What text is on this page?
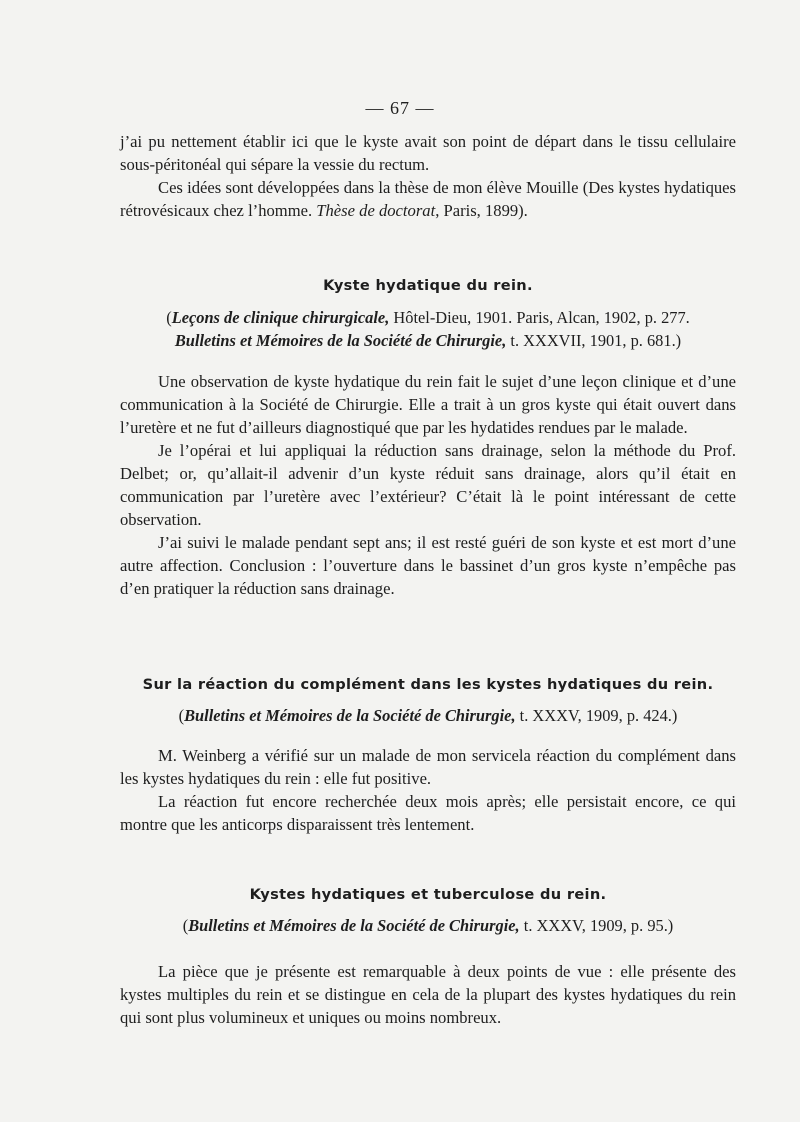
— 67 —

j’ai pu nettement établir ici que le kyste avait son point de départ dans le tissu cellulaire sous-péritonéal qui sépare la vessie du rectum.

Ces idées sont développées dans la thèse de mon élève Mouille (Des kystes hydatiques rétrovésicaux chez l’homme. Thèse de doctorat, Paris, 1899).

Kyste hydatique du rein.

(Leçons de clinique chirurgicale, Hôtel-Dieu, 1901. Paris, Alcan, 1902, p. 277.

Bulletins et Mémoires de la Société de Chirurgie, t. XXXVII, 1901, p. 681.)

Une observation de kyste hydatique du rein fait le sujet d’une leçon clinique et d’une communication à la Société de Chirurgie. Elle a trait à un gros kyste qui était ouvert dans l’uretère et ne fut d’ailleurs diagnostiqué que par les hydatides rendues par le malade.

Je l’opérai et lui appliquai la réduction sans drainage, selon la méthode du Prof. Delbet; or, qu’allait-il advenir d’un kyste réduit sans drainage, alors qu’il était en communication par l’uretère avec l’extérieur? C’était là le point intéressant de cette observation.

J’ai suivi le malade pendant sept ans; il est resté guéri de son kyste et est mort d’une autre affection. Conclusion : l’ouverture dans le bassinet d’un gros kyste n’empêche pas d’en pratiquer la réduction sans drainage.

Sur la réaction du complément dans les kystes hydatiques du rein.

(Bulletins et Mémoires de la Société de Chirurgie, t. XXXV, 1909, p. 424.)

M. Weinberg a vérifié sur un malade de mon servicela réaction du complément dans les kystes hydatiques du rein : elle fut positive.

La réaction fut encore recherchée deux mois après; elle persistait encore, ce qui montre que les anticorps disparaissent très lentement.

Kystes hydatiques et tuberculose du rein.

(Bulletins et Mémoires de la Société de Chirurgie, t. XXXV, 1909, p. 95.)

La pièce que je présente est remarquable à deux points de vue : elle présente des kystes multiples du rein et se distingue en cela de la plupart des kystes hydatiques du rein qui sont plus volumineux et uniques ou moins nombreux.
